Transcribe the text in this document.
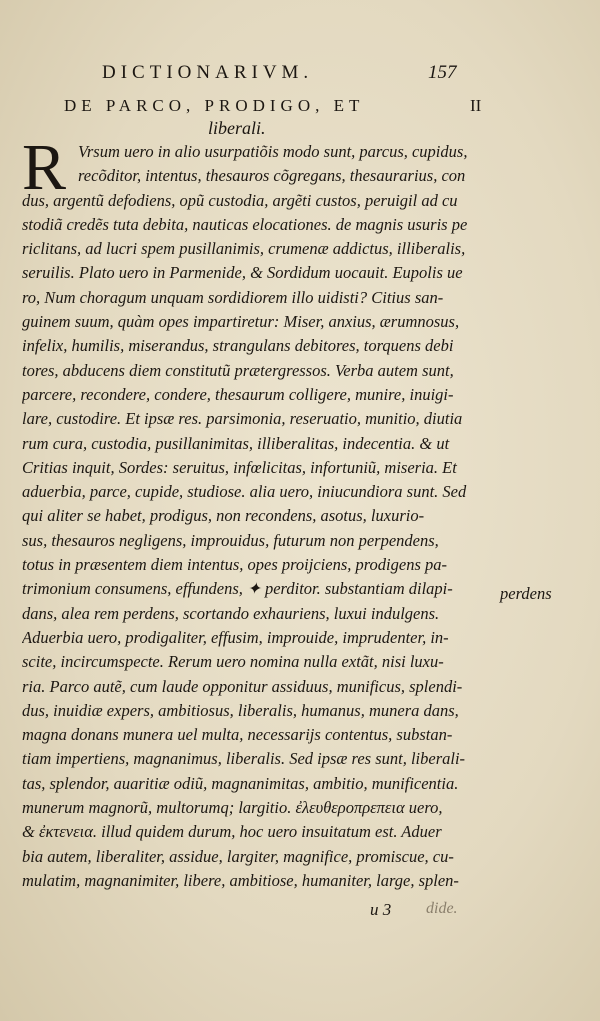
DICTIONARIVM.	157
DE PARCO, PRODIGO, ET	II
liberali.
R Vrsum uero in alio usurpatiõis modo sunt, parcus, cupidus,
recõditor, intentus, thesauros cõgregans, thesaurarius, con
dus, argentũ defodiens, opũ custodia, argẽti custos, peruigil ad cu
stodiã credẽs tuta debita, nauticas elocationes. de magnis usuris pe
riclitans, ad lucri spem pusillanimis, crumenæ addictus, illiberalis,
seruilis. Plato uero in Parmenide, & Sordidum uocauit. Eupolis ue
ro, Num choragum unquam sordidiorem illo uidisti? Citius san-
guinem suum, quàm opes impartiretur: Miser, anxius, ærumnosus,
infelix, humilis, miserandus, strangulans debitores, torquens debi
tores, abducens diem constitutũ prætergressos. Verba autem sunt,
parcere, recondere, condere, thesaurum colligere, munire, inuigi-
lare, custodire. Et ipsæ res. parsimonia, reseruatio, munitio, diutia
rum cura, custodia, pusillanimitas, illiberalitas, indecentia. & ut
Critias inquit, Sordes: seruitus, infœlicitas, infortuniũ, miseria. Et
aduerbia, parce, cupide, studiose. alia uero, iniucundiora sunt. Sed
qui aliter se habet, prodigus, non recondens, asotus, luxurio-
sus, thesauros negligens, improuidus, futurum non perpendens,
totus in præsentem diem intentus, opes proijciens, prodigens pa-
trimonium consumens, effundens, ✦ perditor. substantiam dilapi-
dans, alea rem perdens, scortando exhauriens, luxui indulgens.
Aduerbia uero, prodigaliter, effusim, improuide, imprudenter, in-
scite, incircumspecte. Rerum uero nomina nulla extãt, nisi luxu-
ria. Parco autẽ, cum laude opponitur assiduus, munificus, splendi-
dus, inuidiæ expers, ambitiosus, liberalis, humanus, munera dans,
magna donans munera uel multa, necessarijs contentus, substan-
tiam impertiens, magnanimus, liberalis. Sed ipsæ res sunt, liberali-
tas, splendor, auaritiæ odiũ, magnanimitas, ambitio, munificentia.
munerum magnorũ, multorumq; largitio. ἐλευθεροπρεπεια uero,
& ἐκτενεια. illud quidem durum, hoc uero insuitatum est. Aduer
bia autem, liberaliter, assidue, largiter, magnifice, promiscue, cu-
mulatim, magnanimiter, libere, ambitiose, humaniter, large, splen-
perdens
u 3 dide.
